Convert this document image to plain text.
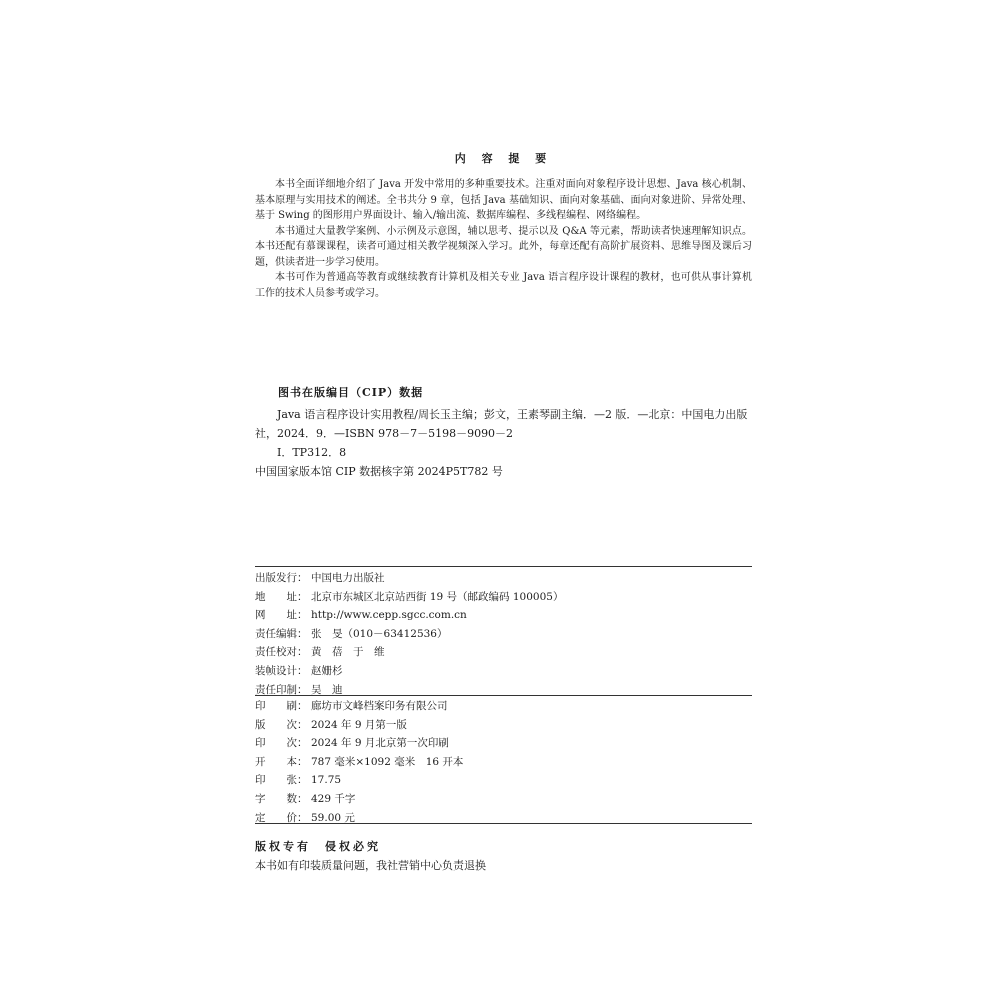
内 容 提 要

本书全面详细地介绍了 Java 开发中常用的多种重要技术。注重对面向对象程序设计思想、Java 核心机制、基本原理与实用技术的阐述。全书共分 9 章，包括 Java 基础知识、面向对象基础、面向对象进阶、异常处理、基于 Swing 的图形用户界面设计、输入/输出流、数据库编程、多线程编程、网络编程。

本书通过大量教学案例、小示例及示意图，辅以思考、提示以及 Q&A 等元素，帮助读者快速理解知识点。本书还配有慕课课程，读者可通过相关教学视频深入学习。此外，每章还配有高阶扩展资料、思维导图及课后习题，供读者进一步学习使用。

本书可作为普通高等教育或继续教育计算机及相关专业 Java 语言程序设计课程的教材，也可供从事计算机工作的技术人员参考或学习。

图书在版编目（CIP）数据

Java 语言程序设计实用教程/周长玉主编；彭文，王素琴副主编．—2 版．—北京：中国电力出版社，2024．9．—ISBN 978－7－5198－9090－2

Ⅰ．TP312．8

中国国家版本馆 CIP 数据核字第 2024P5T782 号

出版发行： 中国电力出版社
地　　址： 北京市东城区北京站西街 19 号（邮政编码 100005）
网　　址： http://www.cepp.sgcc.com.cn
责任编辑： 张　旻（010－63412536）
责任校对： 黄　蓓　于　维
装帧设计： 赵姗杉
责任印制： 吴　迪
印　　刷： 廊坊市文峰档案印务有限公司
版　　次： 2024 年 9 月第一版
印　　次： 2024 年 9 月北京第一次印刷
开　　本： 787 毫米×1092 毫米　16 开本
印　　张： 17.75
字　　数： 429 千字
定　　价： 59.00 元
版权专有　侵权必究
本书如有印装质量问题，我社营销中心负责退换
